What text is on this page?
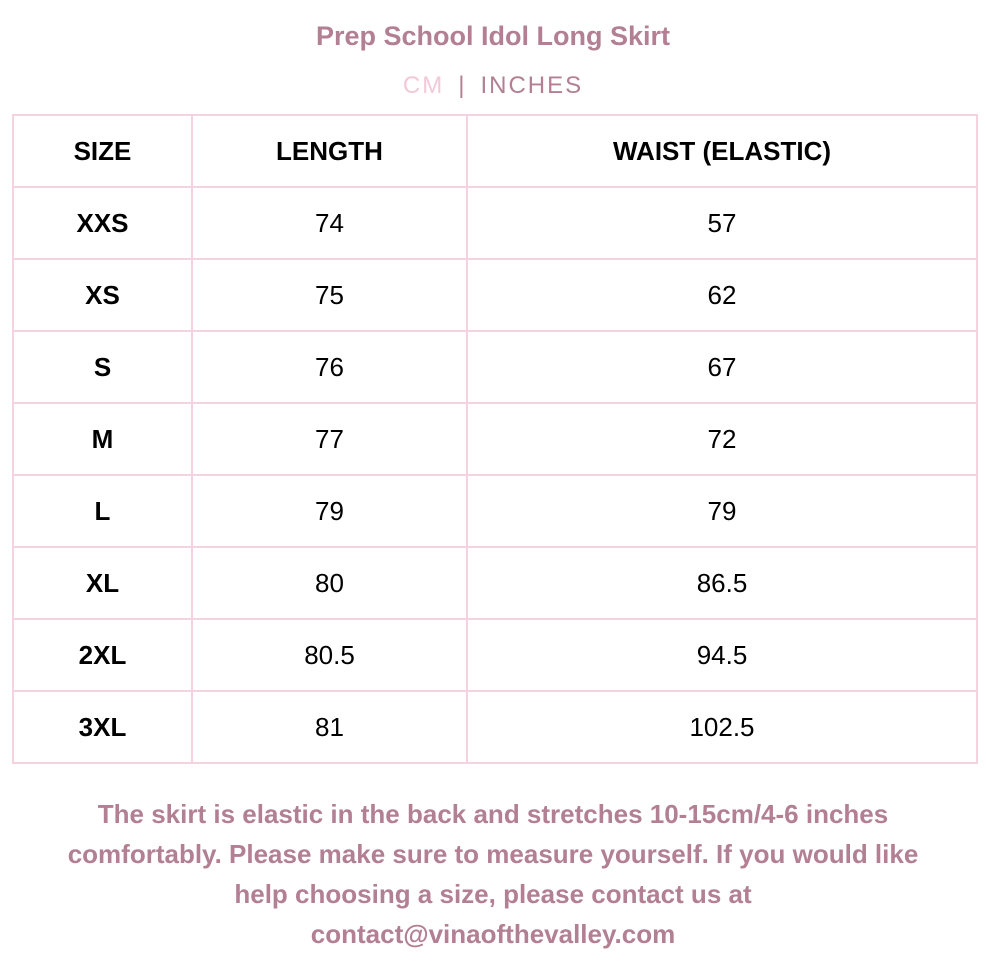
Prep School Idol Long Skirt
CM | INCHES
SIZE	LENGTH	WAIST (ELASTIC)
XXS	74	57
XS	75	62
S	76	67
M	77	72
L	79	79
XL	80	86.5
2XL	80.5	94.5
3XL	81	102.5
The skirt is elastic in the back and stretches 10-15cm/4-6 inches
comfortably. Please make sure to measure yourself. If you would like
help choosing a size, please contact us at
contact@vinaofthevalley.com
